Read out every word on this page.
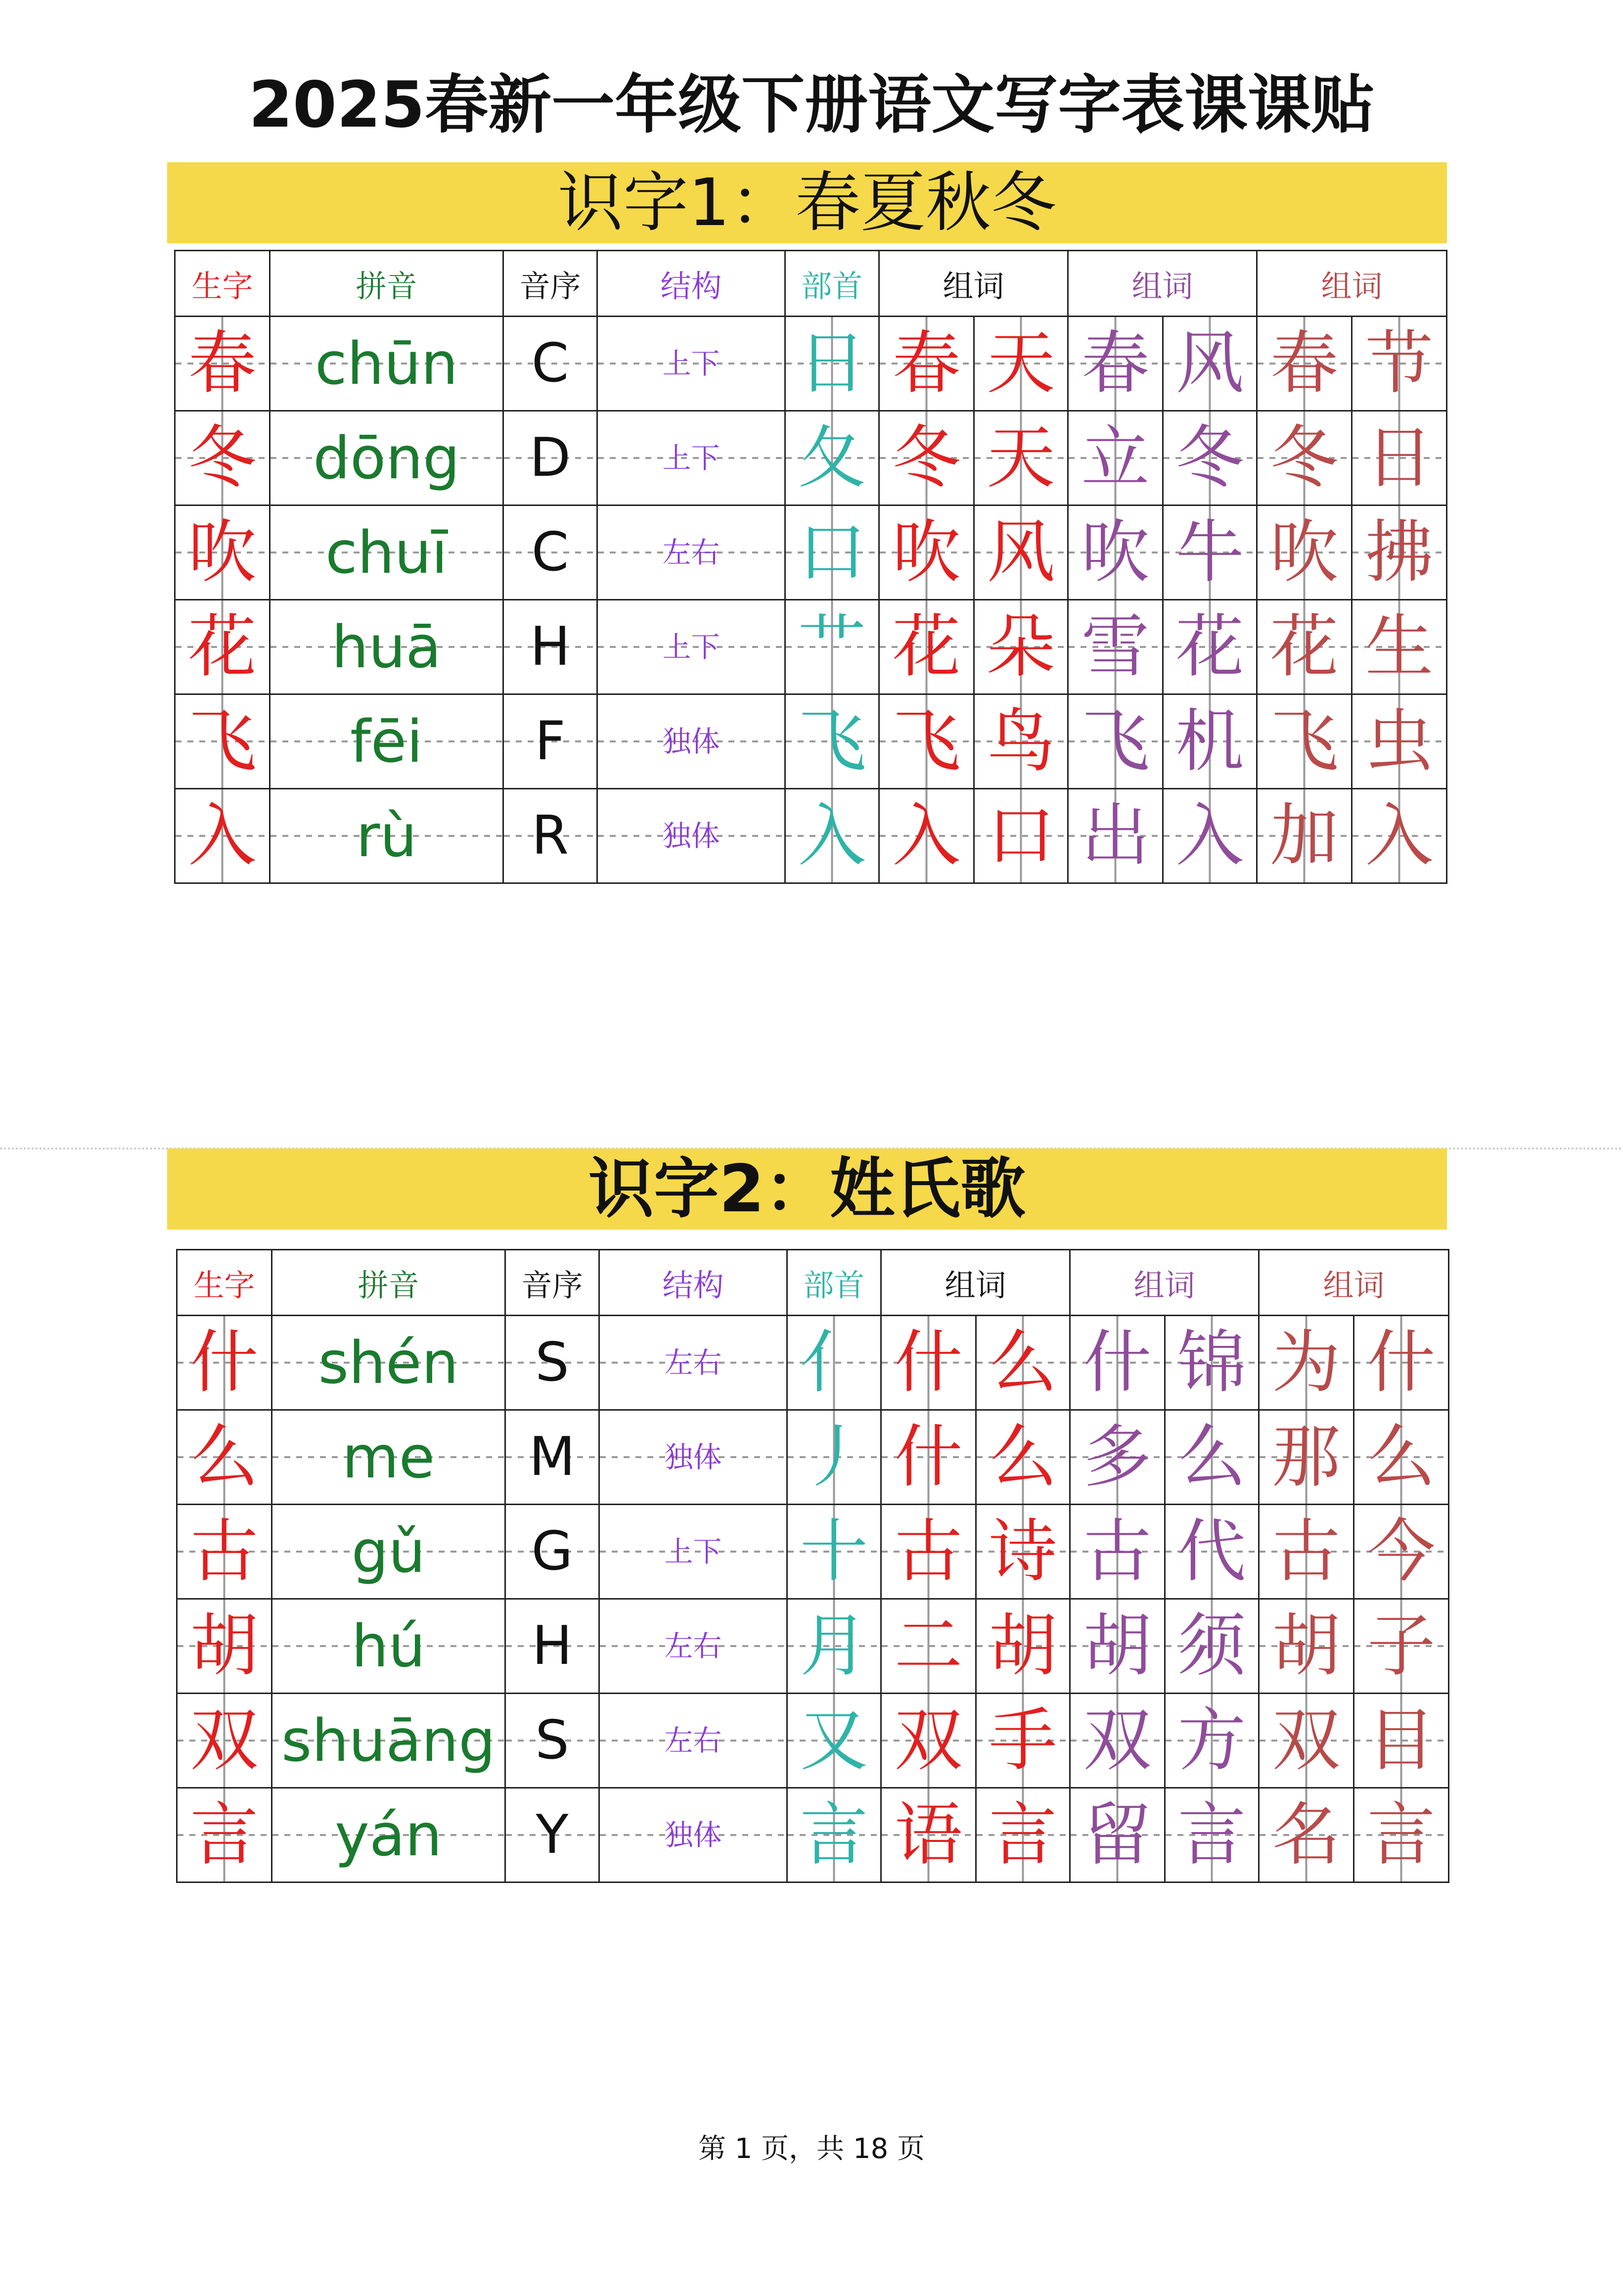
2025春新一年级下册语文写字表课课贴
识字1：春夏秋冬
生字	拼音	音序	结构	部首	组词		组词		组词	

春	chūn	C	上下	日	春	天	春	风	春	节

冬	dōng	D	上下	夂	冬	天	立	冬	冬	日

吹	chuī	C	左右	口	吹	风	吹	牛	吹	拂

花	huā	H	上下	艹	花	朵	雪	花	花	生

飞	fēi	F	独体	飞	飞	鸟	飞	机	飞	虫

入	rù	R	独体	入	入	口	出	入	加	入
识字2：姓氏歌
生字	拼音	音序	结构	部首	组词		组词		组词	

什	shén	S	左右	亻	什	么	什	锦	为	什

么	me	M	独体	丿	什	么	多	么	那	么

古	gǔ	G	上下	十	古	诗	古	代	古	今

胡	hú	H	左右	月	二	胡	胡	须	胡	子

双	shuāng	S	左右	又	双	手	双	方	双	目

言	yán	Y	独体	言	语	言	留	言	名	言
第 1 页，共 18 页
